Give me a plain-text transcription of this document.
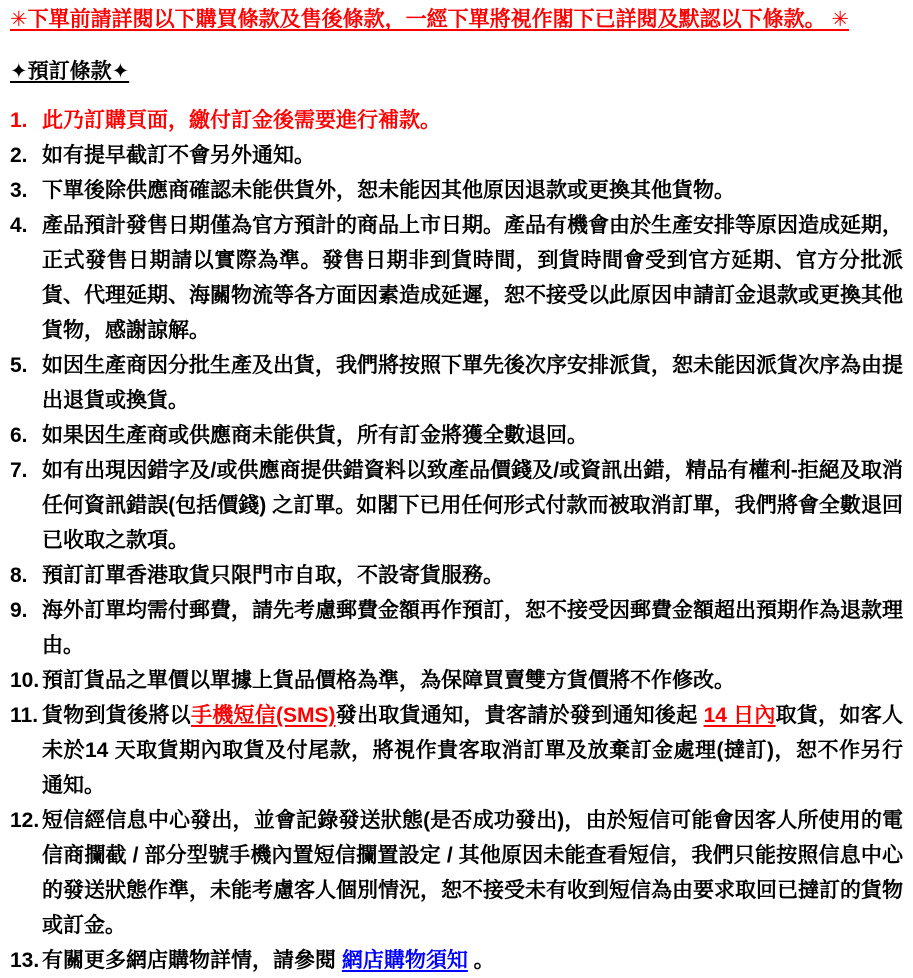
✳下單前請詳閱以下購買條款及售後條款，一經下單將視作閣下已詳閱及默認以下條款。 ✳
✦預訂條款✦
1. 此乃訂購頁面，繳付訂金後需要進行補款。
2. 如有提早截訂不會另外通知。
3. 下單後除供應商確認未能供貨外，恕未能因其他原因退款或更換其他貨物。
4. 產品預計發售日期僅為官方預計的商品上市日期。產品有機會由於生產安排等原因造成延期，正式發售日期請以實際為準。發售日期非到貨時間，到貨時間會受到官方延期、官方分批派貨、代理延期、海關物流等各方面因素造成延遲，恕不接受以此原因申請訂金退款或更換其他貨物，感謝諒解。
5. 如因生產商因分批生產及出貨，我們將按照下單先後次序安排派貨，恕未能因派貨次序為由提出退貨或換貨。
6. 如果因生產商或供應商未能供貨，所有訂金將獲全數退回。
7. 如有出現因錯字及/或供應商提供錯資料以致產品價錢及/或資訊出錯，精品有權利-拒絕及取消任何資訊錯誤(包括價錢) 之訂單。如閣下已用任何形式付款而被取消訂單，我們將會全數退回已收取之款項。
8. 預訂訂單香港取貨只限門市自取，不設寄貨服務。
9. 海外訂單均需付郵費，請先考慮郵費金額再作預訂，恕不接受因郵費金額超出預期作為退款理由。
10. 預訂貨品之單價以單據上貨品價格為準，為保障買賣雙方貨價將不作修改。
11. 貨物到貨後將以手機短信(SMS)發出取貨通知，貴客請於發到通知後起 14 日內取貨，如客人未於14 天取貨期內取貨及付尾款，將視作貴客取消訂單及放棄訂金處理(撻訂)，恕不作另行通知。
12. 短信經信息中心發出，並會記錄發送狀態(是否成功發出)，由於短信可能會因客人所使用的電信商攔截 / 部分型號手機內置短信攔置設定 / 其他原因未能查看短信，我們只能按照信息中心的發送狀態作準，未能考慮客人個別情況，恕不接受未有收到短信為由要求取回已撻訂的貨物或訂金。
13. 有關更多網店購物詳情，請參閱 網店購物須知 。
